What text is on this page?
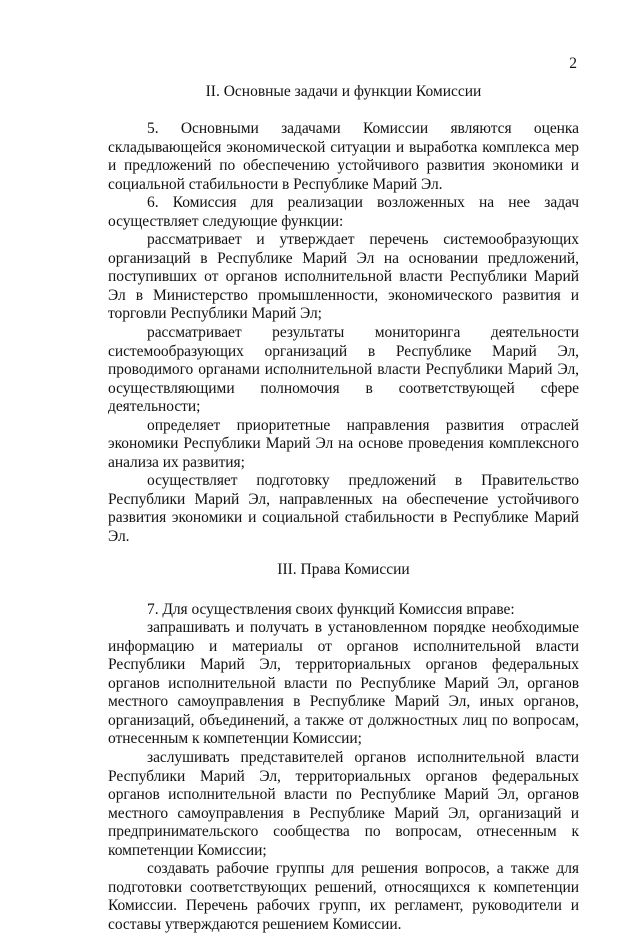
2
II. Основные задачи и функции Комиссии

5. Основными задачами Комиссии являются оценка складывающейся экономической ситуации и выработка комплекса мер и предложений по обеспечению устойчивого развития экономики и социальной стабильности в Республике Марий Эл.

6. Комиссия для реализации возложенных на нее задач осуществляет следующие функции:

рассматривает и утверждает перечень системообразующих организаций в Республике Марий Эл на основании предложений, поступивших от органов исполнительной власти Республики Марий Эл в Министерство промышленности, экономического развития и торговли Республики Марий Эл;

рассматривает результаты мониторинга деятельности системообразующих организаций в Республике Марий Эл, проводимого органами исполнительной власти Республики Марий Эл, осуществляющими полномочия в соответствующей сфере деятельности;

определяет приоритетные направления развития отраслей экономики Республики Марий Эл на основе проведения комплексного анализа их развития;

осуществляет подготовку предложений в Правительство Республики Марий Эл, направленных на обеспечение устойчивого развития экономики и социальной стабильности в Республике Марий Эл.

III. Права Комиссии

7. Для осуществления своих функций Комиссия вправе:

запрашивать и получать в установленном порядке необходимые информацию и материалы от органов исполнительной власти Республики Марий Эл, территориальных органов федеральных органов исполнительной власти по Республике Марий Эл, органов местного самоуправления в Республике Марий Эл, иных органов, организаций, объединений, а также от должностных лиц по вопросам, отнесенным к компетенции Комиссии;

заслушивать представителей органов исполнительной власти Республики Марий Эл, территориальных органов федеральных органов исполнительной власти по Республике Марий Эл, органов местного самоуправления в Республике Марий Эл, организаций и предпринимательского сообщества по вопросам, отнесенным к компетенции Комиссии;

создавать рабочие группы для решения вопросов, а также для подготовки соответствующих решений, относящихся к компетенции Комиссии. Перечень рабочих групп, их регламент, руководители и составы утверждаются решением Комиссии.
